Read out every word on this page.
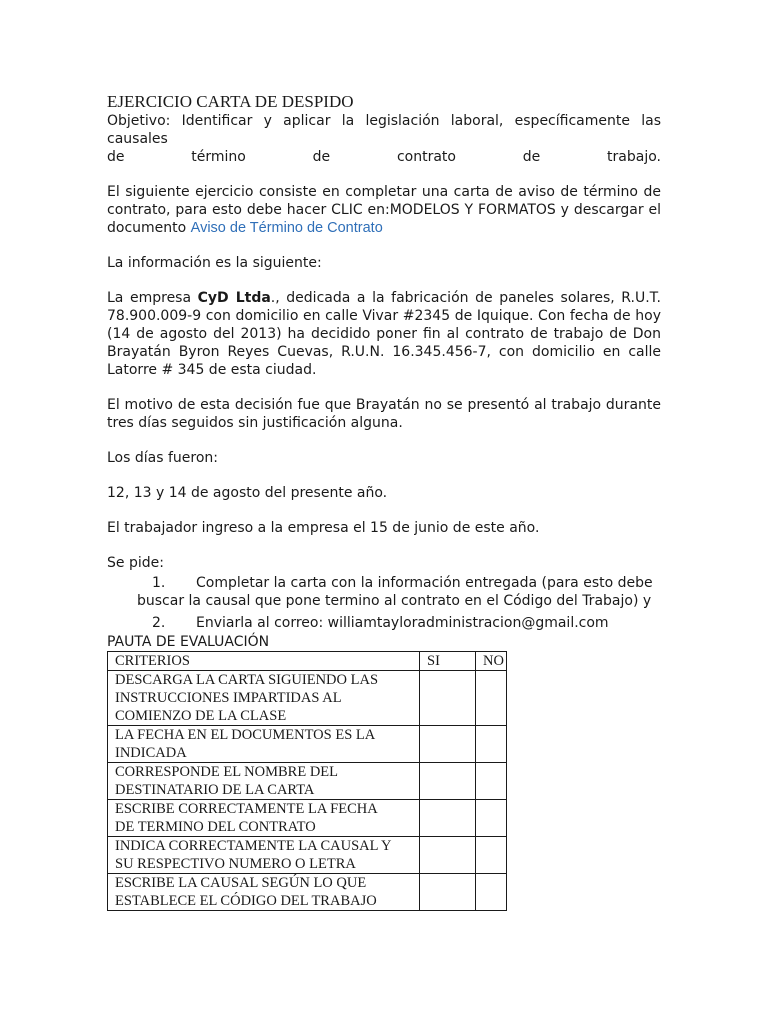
EJERCICIO CARTA DE DESPIDO
Objetivo: Identificar y aplicar la legislación laboral, específicamente las causales
de término de contrato de trabajo.

El siguiente ejercicio consiste en completar una carta de aviso de término de contrato, para esto debe hacer CLIC en:MODELOS Y FORMATOS y descargar el documento Aviso de Término de Contrato

La información es la siguiente:

La empresa CyD Ltda., dedicada a la fabricación de paneles solares, R.U.T. 78.900.009-9 con domicilio en calle Vivar #2345 de Iquique. Con fecha de hoy (14 de agosto del 2013) ha decidido poner fin al contrato de trabajo de Don Brayatán Byron Reyes Cuevas, R.U.N. 16.345.456-7, con domicilio en calle Latorre # 345 de esta ciudad.

El motivo de esta decisión fue que Brayatán no se presentó al trabajo durante tres días seguidos sin justificación alguna.

Los días fueron:

12, 13 y 14 de agosto del presente año.

El trabajador ingreso a la empresa el 15 de junio de este año.

Se pide:

1. Completar la carta con la información entregada (para esto debe buscar la causal que pone termino al contrato en el Código del Trabajo) y
2. Enviarla al correo: williamtayloradministracion@gmail.com

PAUTA DE EVALUACIÓN

CRITERIOS	SI	NO

DESCARGA LA CARTA SIGUIENDO LAS
INSTRUCCIONES IMPARTIDAS AL
COMIENZO DE LA CLASE		

LA FECHA EN EL DOCUMENTOS ES LA
INDICADA		

CORRESPONDE EL NOMBRE DEL
DESTINATARIO DE LA CARTA		

ESCRIBE CORRECTAMENTE LA FECHA
DE TERMINO DEL CONTRATO		

INDICA CORRECTAMENTE LA CAUSAL Y
SU RESPECTIVO NUMERO O LETRA		

ESCRIBE LA CAUSAL SEGÚN LO QUE
ESTABLECE EL CÓDIGO DEL TRABAJO		
